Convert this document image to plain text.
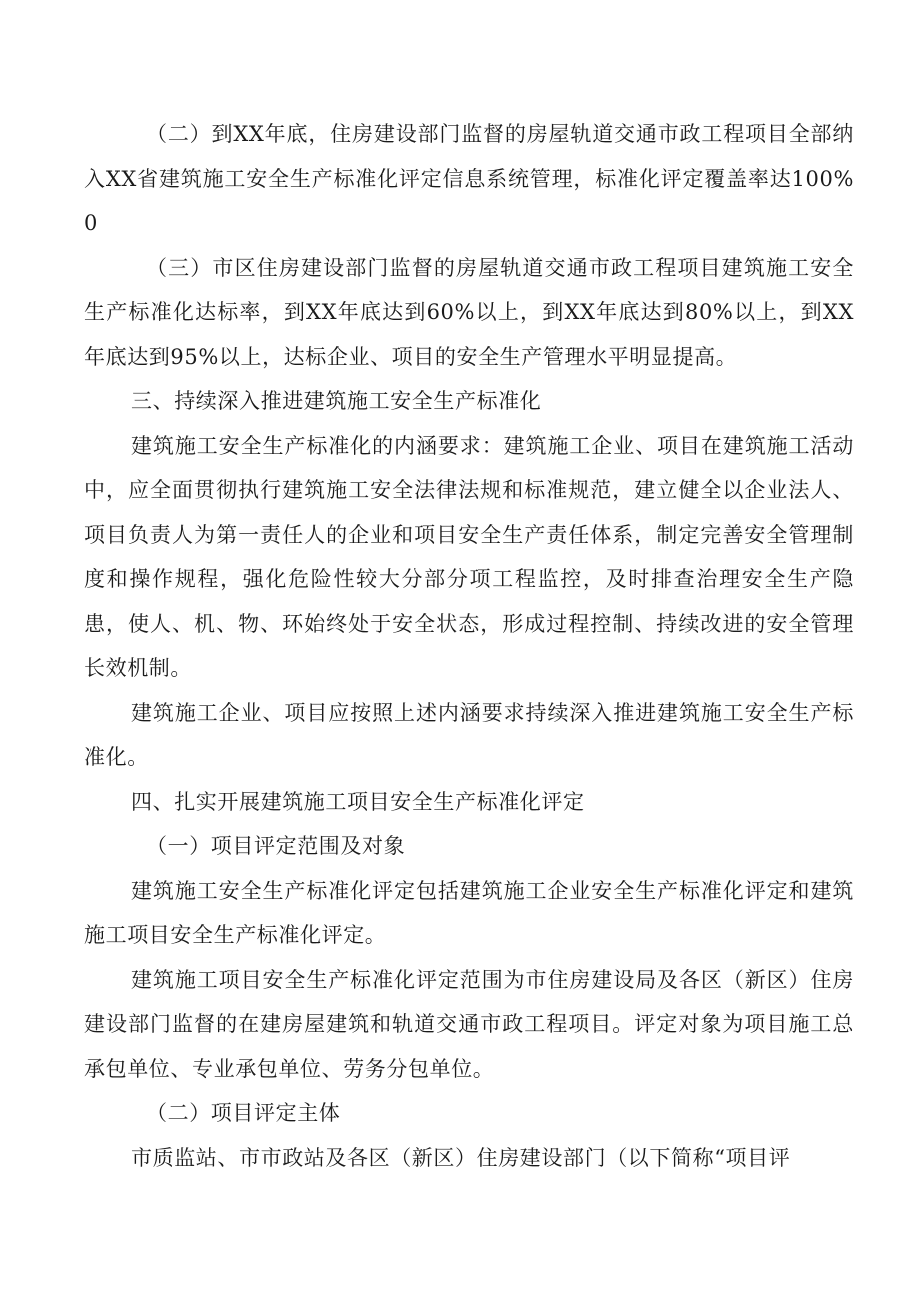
（二）到XX年底，住房建设部门监督的房屋轨道交通市政工程项目全部纳入XX省建筑施工安全生产标准化评定信息系统管理，标准化评定覆盖率达100%0

（三）市区住房建设部门监督的房屋轨道交通市政工程项目建筑施工安全生产标准化达标率，到XX年底达到60%以上，到XX年底达到80%以上，到XX年底达到95%以上，达标企业、项目的安全生产管理水平明显提高。

三、持续深入推进建筑施工安全生产标准化

建筑施工安全生产标准化的内涵要求：建筑施工企业、项目在建筑施工活动中，应全面贯彻执行建筑施工安全法律法规和标准规范，建立健全以企业法人、项目负责人为第一责任人的企业和项目安全生产责任体系，制定完善安全管理制度和操作规程，强化危险性较大分部分项工程监控，及时排查治理安全生产隐患，使人、机、物、环始终处于安全状态，形成过程控制、持续改进的安全管理长效机制。

建筑施工企业、项目应按照上述内涵要求持续深入推进建筑施工安全生产标准化。

四、扎实开展建筑施工项目安全生产标准化评定

（一）项目评定范围及对象

建筑施工安全生产标准化评定包括建筑施工企业安全生产标准化评定和建筑施工项目安全生产标准化评定。

建筑施工项目安全生产标准化评定范围为市住房建设局及各区（新区）住房建设部门监督的在建房屋建筑和轨道交通市政工程项目。评定对象为项目施工总承包单位、专业承包单位、劳务分包单位。

（二）项目评定主体

市质监站、市市政站及各区（新区）住房建设部门（以下简称“项目评
